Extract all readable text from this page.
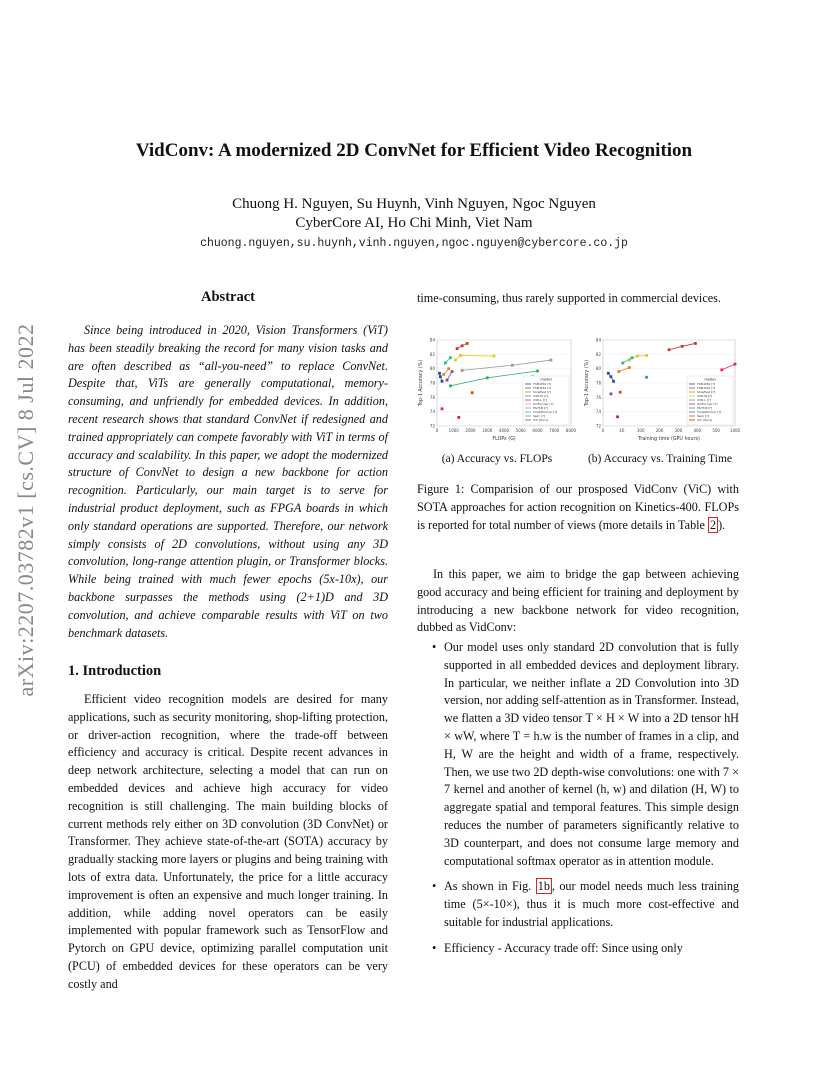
arXiv:2207.03782v1 [cs.CV] 8 Jul 2022
VidConv: A modernized 2D ConvNet for Efficient Video Recognition
Chuong H. Nguyen, Su Huynh, Vinh Nguyen, Ngoc Nguyen
CyberCore AI, Ho Chi Minh, Viet Nam
chuong.nguyen,su.huynh,vinh.nguyen,ngoc.nguyen@cybercore.co.jp
Abstract

Since being introduced in 2020, Vision Transformers (ViT) has been steadily breaking the record for many vision tasks and are often described as “all-you-need” to replace ConvNet. Despite that, ViTs are generally computational, memory-consuming, and unfriendly for embedded devices. In addition, recent research shows that standard ConvNet if redesigned and trained appropriately can compete favorably with ViT in terms of accuracy and scalability. In this paper, we adopt the modernized structure of ConvNet to design a new backbone for action recognition. Particularly, our main target is to serve for industrial product deployment, such as FPGA boards in which only standard operations are supported. Therefore, our network simply consists of 2D convolutions, without using any 3D convolution, long-range attention plugin, or Transformer blocks. While being trained with much fewer epochs (5x-10x), our backbone surpasses the methods using (2+1)D and 3D convolution, and achieve comparable results with ViT on two benchmark datasets.

1. Introduction

Efficient video recognition models are desired for many applications, such as security monitoring, shop-lifting protection, or driver-action recognition, where the trade-off between efficiency and accuracy is critical. Despite recent advances in deep network architecture, selecting a model that can run on embedded devices and achieve high accuracy for video recognition is still challenging. The main building blocks of current methods rely either on 3D convolution (3D ConvNet) or Transformer. They achieve state-of-the-art (SOTA) accuracy by gradually stacking more layers or plugins and being training with lots of extra data. Unfortunately, the price for a little accuracy improvement is often an expensive and much longer training. In addition, while adding novel operators can be easily implemented with popular framework such as TensorFlow and Pytorch on GPU device, optimizing parallel computation unit (PCU) of embedded devices for these operators can be very costly and

time-consuming, thus rarely supported in commercial devices.

72
74
76
78
80
82
84
0	1000 2000 3000 4000 5000 6000 7000 8000
FLOPs (G)
Top-1 Accuracy (%)	model
TSM-R50 [?]
TSM-R50 [?]
SlowFast [?]
X3D-M [?]
X3D-L [?]
UniFormer [?]
MViT-B [?]
TimeSformer [?]
Swin [?]
ViC (Ours)
72
74
76
78
80
82
84
0	40	100	200	300	400	500 1000
Training time (GPU hours)
Top-1 Accuracy (%)	model
TSM-R50 [?]
TSM-R50 [?]
SlowFast [?]
X3D-M [?]
X3D-L [?]
UniFormer [?]
MViT-B [?]
TimeSformer [?]
Swin [?]
ViC (Ours)
(a) Accuracy vs. FLOPs	(b) Accuracy vs. Training Time

Figure 1: Comparision of our prosposed VidConv (ViC) with SOTA approaches for action recognition on Kinetics-400. FLOPs is reported for total number of views (more details in Table 2 ).

In this paper, we aim to bridge the gap between achieving good accuracy and being efficient for training and deployment by introducing a new backbone network for video recognition, dubbed as VidConv:

• Our model uses only standard 2D convolution that is fully supported in all embedded devices and deployment library. In particular, we neither inflate a 2D Convolution into 3D version, nor adding self-attention as in Transformer. Instead, we flatten a 3D video tensor T × H × W into a 2D tensor hH × wW, where T = h.w is the number of frames in a clip, and H, W are the height and width of a frame, respectively. Then, we use two 2D depth-wise convolutions: one with 7 × 7 kernel and another of kernel (h, w) and dilation (H, W) to aggregate spatial and temporal features. This simple design reduces the number of parameters significantly relative to 3D counterpart, and does not consume large memory and computational softmax operator as in attention module.
• As shown in Fig. 1b , our model needs much less training time (5×-10×), thus it is much more cost-effective and suitable for industrial applications.
• Efficiency - Accuracy trade off: Since using only
